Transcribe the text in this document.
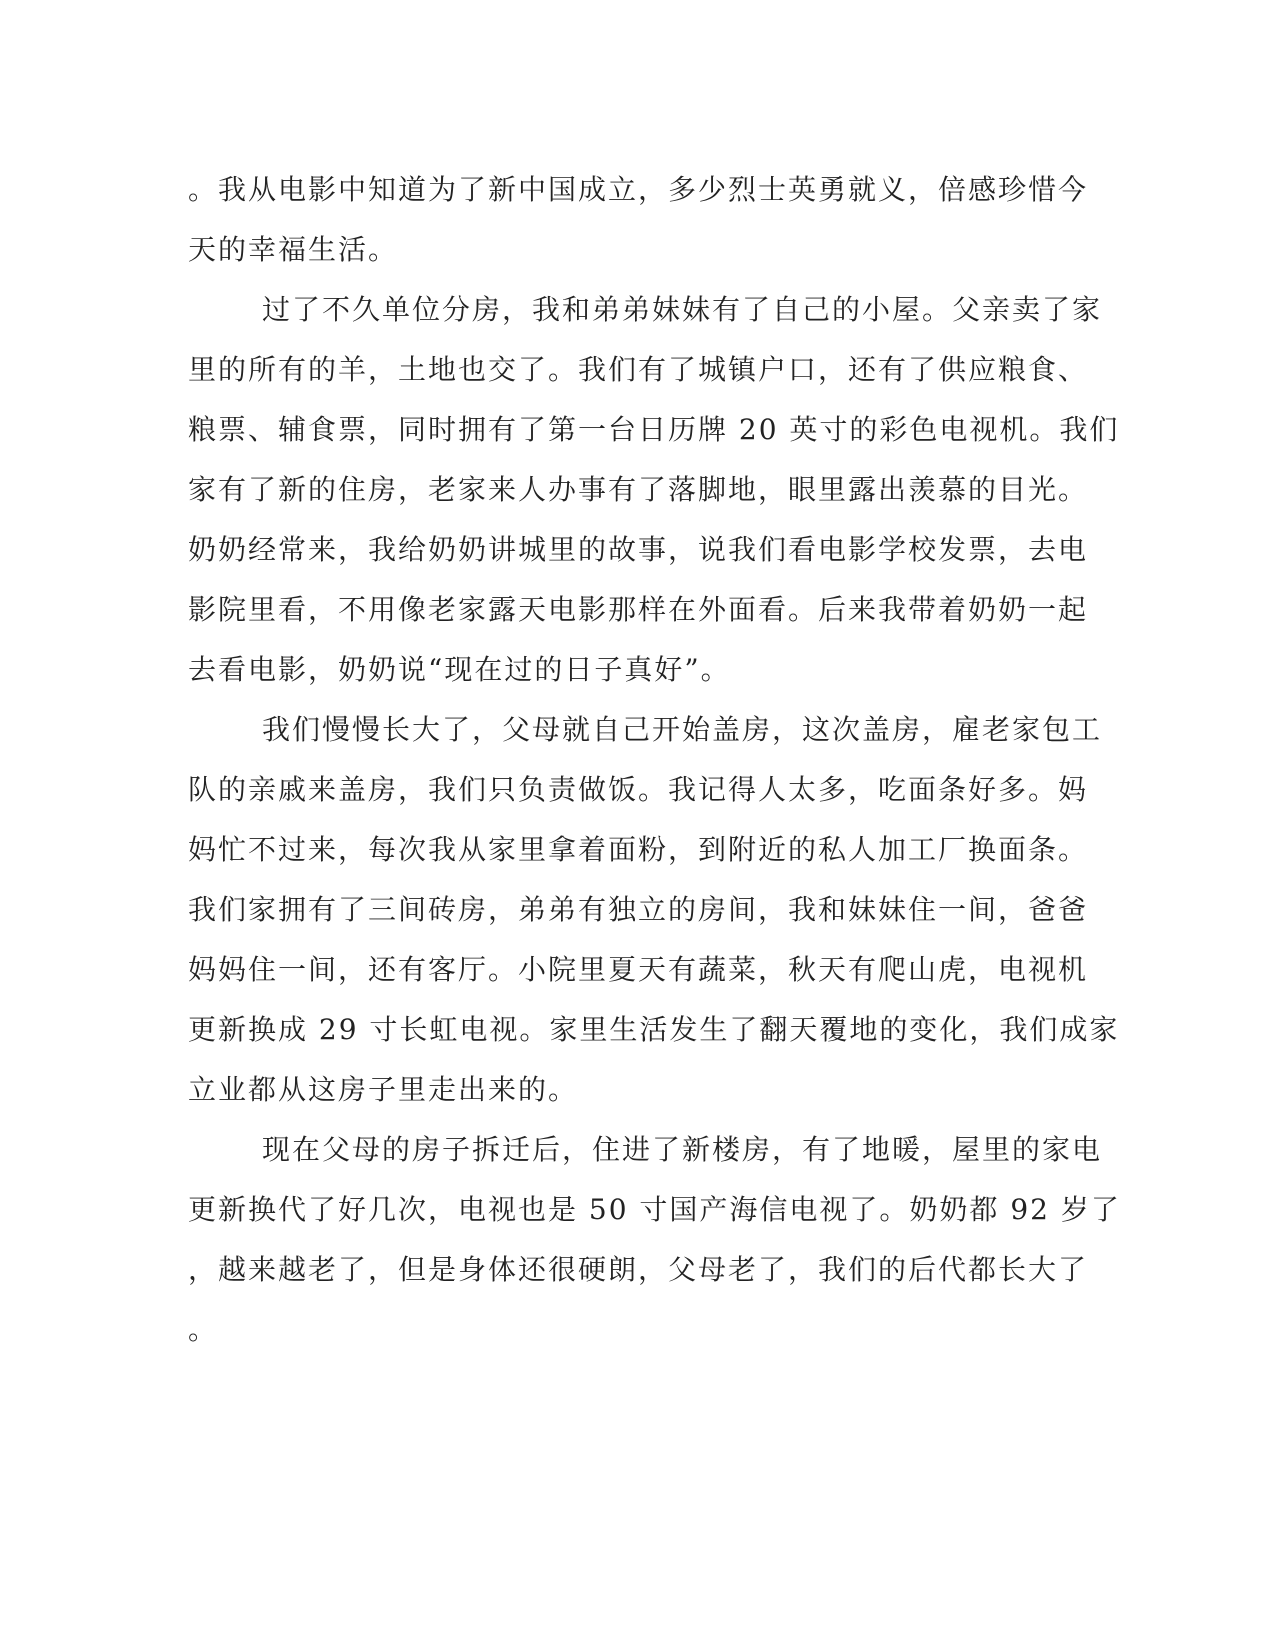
。我从电影中知道为了新中国成立，多少烈士英勇就义，倍感珍惜今
天的幸福生活。
过了不久单位分房，我和弟弟妹妹有了自己的小屋。父亲卖了家
里的所有的羊，土地也交了。我们有了城镇户口，还有了供应粮食、
粮票、辅食票，同时拥有了第一台日历牌 20 英寸的彩色电视机。我们
家有了新的住房，老家来人办事有了落脚地，眼里露出羡慕的目光。
奶奶经常来，我给奶奶讲城里的故事，说我们看电影学校发票，去电
影院里看，不用像老家露天电影那样在外面看。后来我带着奶奶一起
去看电影，奶奶说“现在过的日子真好”。
我们慢慢长大了，父母就自己开始盖房，这次盖房，雇老家包工
队的亲戚来盖房，我们只负责做饭。我记得人太多，吃面条好多。妈
妈忙不过来，每次我从家里拿着面粉，到附近的私人加工厂换面条。
我们家拥有了三间砖房，弟弟有独立的房间，我和妹妹住一间，爸爸
妈妈住一间，还有客厅。小院里夏天有蔬菜，秋天有爬山虎，电视机
更新换成 29 寸长虹电视。家里生活发生了翻天覆地的变化，我们成家
立业都从这房子里走出来的。
现在父母的房子拆迁后，住进了新楼房，有了地暖，屋里的家电
更新换代了好几次，电视也是 50 寸国产海信电视了。奶奶都 92 岁了
，越来越老了，但是身体还很硬朗，父母老了，我们的后代都长大了
。
